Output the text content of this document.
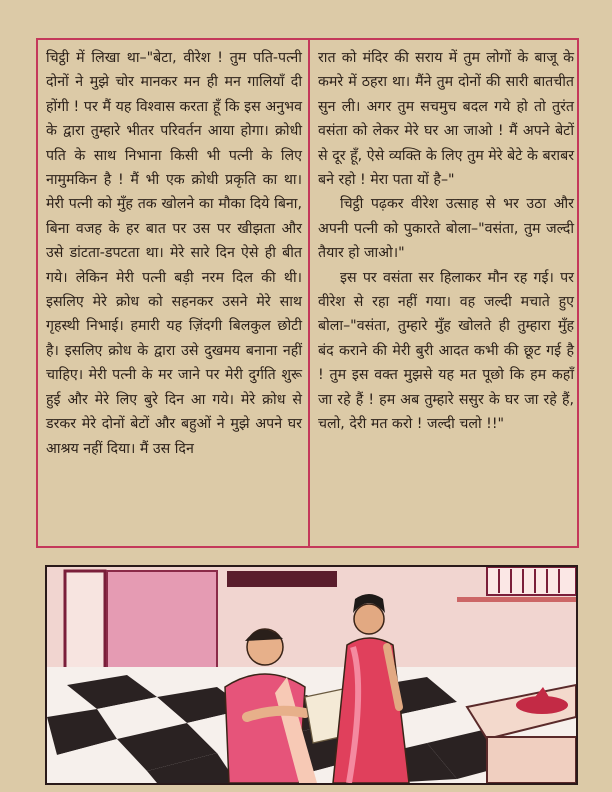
चिट्ठी में लिखा था–"बेटा, वीरेश ! तुम पति-पत्नी दोनों ने मुझे चोर मानकर मन ही मन गालियाँ दी होंगी ! पर मैं यह विश्वास करता हूँ कि इस अनुभव के द्वारा तुम्हारे भीतर परिवर्तन आया होगा। क्रोधी पति के साथ निभाना किसी भी पत्नी के लिए नामुमकिन है ! मैं भी एक क्रोधी प्रकृति का था। मेरी पत्नी को मुँह तक खोलने का मौका दिये बिना, बिना वजह के हर बात पर उस पर खीझता और उसे डांटता-डपटता था। मेरे सारे दिन ऐसे ही बीत गये। लेकिन मेरी पत्नी बड़ी नरम दिल की थी। इसलिए मेरे क्रोध को सहनकर उसने मेरे साथ गृहस्थी निभाई। हमारी यह ज़िंदगी बिलकुल छोटी है। इसलिए क्रोध के द्वारा उसे दुखमय बनाना नहीं चाहिए। मेरी पत्नी के मर जाने पर मेरी दुर्गति शुरू हुई और मेरे लिए बुरे दिन आ गये। मेरे क्रोध से डरकर मेरे दोनों बेटों और बहुओं ने मुझे अपने घर आश्रय नहीं दिया। मैं उस दिन

रात को मंदिर की सराय में तुम लोगों के बाजू के कमरे में ठहरा था। मैंने तुम दोनों की सारी बातचीत सुन ली। अगर तुम सचमुच बदल गये हो तो तुरंत वसंता को लेकर मेरे घर आ जाओ ! मैं अपने बेटों से दूर हूँ, ऐसे व्यक्ति के लिए तुम मेरे बेटे के बराबर बने रहो ! मेरा पता यों है–"

चिट्ठी पढ़कर वीरेश उत्साह से भर उठा और अपनी पत्नी को पुकारते बोला–"वसंता, तुम जल्दी तैयार हो जाओ।"

इस पर वसंता सर हिलाकर मौन रह गई। पर वीरेश से रहा नहीं गया। वह जल्दी मचाते हुए बोला–"वसंता, तुम्हारे मुँह खोलते ही तुम्हारा मुँह बंद कराने की मेरी बुरी आदत कभी की छूट गई है ! तुम इस वक्त मुझसे यह मत पूछो कि हम कहाँ जा रहे हैं ! हम अब तुम्हारे ससुर के घर जा रहे हैं, चलो, देरी मत करो ! जल्दी चलो !!"
